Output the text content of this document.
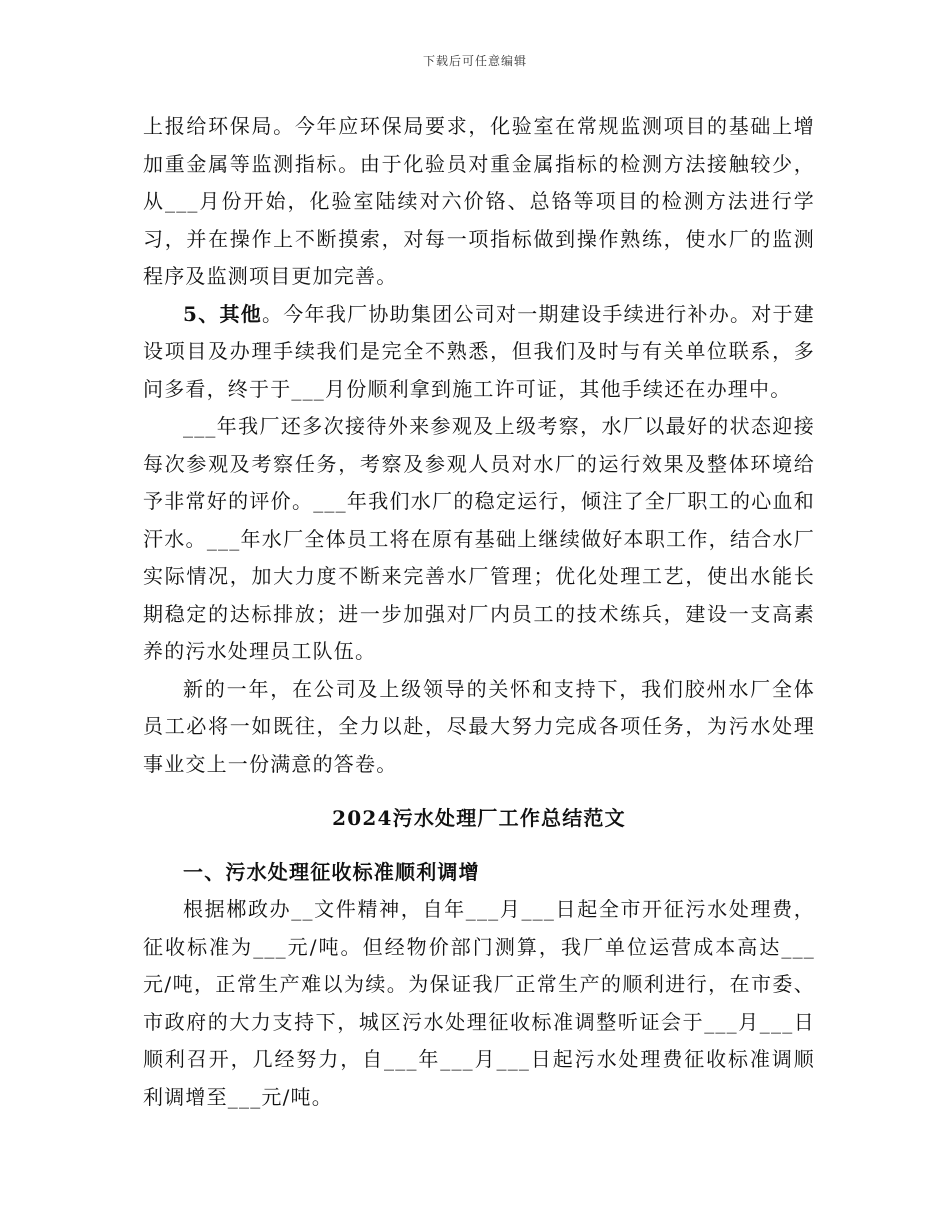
下载后可任意编辑

上报给环保局。今年应环保局要求，化验室在常规监测项目的基础上增加重金属等监测指标。由于化验员对重金属指标的检测方法接触较少，从___月份开始，化验室陆续对六价铬、总铬等项目的检测方法进行学习，并在操作上不断摸索，对每一项指标做到操作熟练，使水厂的监测程序及监测项目更加完善。

5、其他。今年我厂协助集团公司对一期建设手续进行补办。对于建设项目及办理手续我们是完全不熟悉，但我们及时与有关单位联系，多问多看，终于于___月份顺利拿到施工许可证，其他手续还在办理中。

___年我厂还多次接待外来参观及上级考察，水厂以最好的状态迎接每次参观及考察任务，考察及参观人员对水厂的运行效果及整体环境给予非常好的评价。___年我们水厂的稳定运行，倾注了全厂职工的心血和汗水。___年水厂全体员工将在原有基础上继续做好本职工作，结合水厂实际情况，加大力度不断来完善水厂管理；优化处理工艺，使出水能长期稳定的达标排放；进一步加强对厂内员工的技术练兵，建设一支高素养的污水处理员工队伍。

新的一年，在公司及上级领导的关怀和支持下，我们胶州水厂全体员工必将一如既往，全力以赴，尽最大努力完成各项任务，为污水处理事业交上一份满意的答卷。

2024污水处理厂工作总结范文

一、污水处理征收标准顺利调增

根据郴政办__文件精神，自年___月___日起全市开征污水处理费，征收标准为___元/吨。但经物价部门测算，我厂单位运营成本高达___元/吨，正常生产难以为续。为保证我厂正常生产的顺利进行，在市委、市政府的大力支持下，城区污水处理征收标准调整听证会于___月___日顺利召开，几经努力，自___年___月___日起污水处理费征收标准调顺利调增至___元/吨。
